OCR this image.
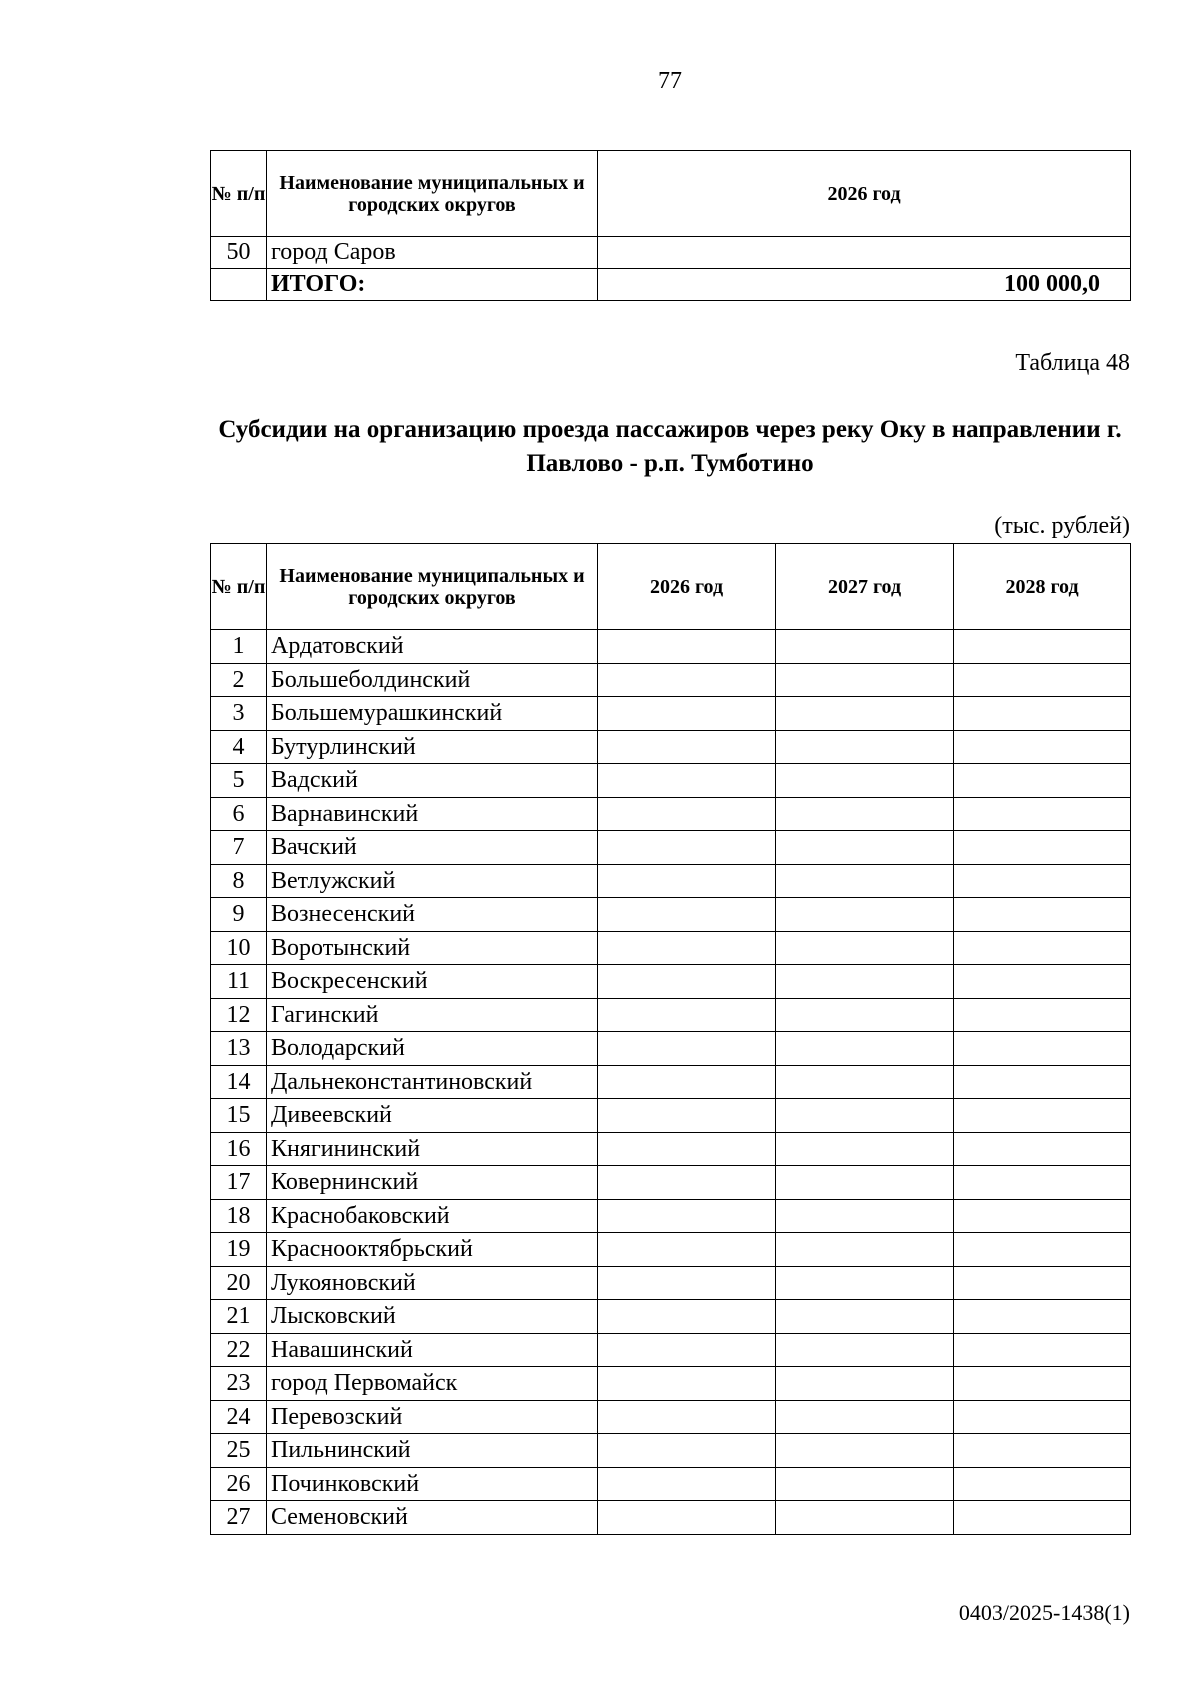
77
№ п/п	Наименование муниципальных и городских округов	2026 год
50	город Саров	
	ИТОГО:	100 000,0
Таблица 48
Субсидии на организацию проезда пассажиров через реку Оку в направлении г. Павлово - р.п. Тумботино
(тыс. рублей)
№ п/п	Наименование муниципальных и городских округов	2026 год	2027 год	2028 год
1	Ардатовский			
2	Большеболдинский			
3	Большемурашкинский			
4	Бутурлинский			
5	Вадский			
6	Варнавинский			
7	Вачский			
8	Ветлужский			
9	Вознесенский			
10	Воротынский			
11	Воскресенский			
12	Гагинский			
13	Володарский			
14	Дальнеконстантиновский			
15	Дивеевский			
16	Княгининский			
17	Ковернинский			
18	Краснобаковский			
19	Краснооктябрьский			
20	Лукояновский			
21	Лысковский			
22	Навашинский			
23	город Первомайск			
24	Перевозский			
25	Пильнинский			
26	Починковский			
27	Семеновский			
0403/2025-1438(1)
